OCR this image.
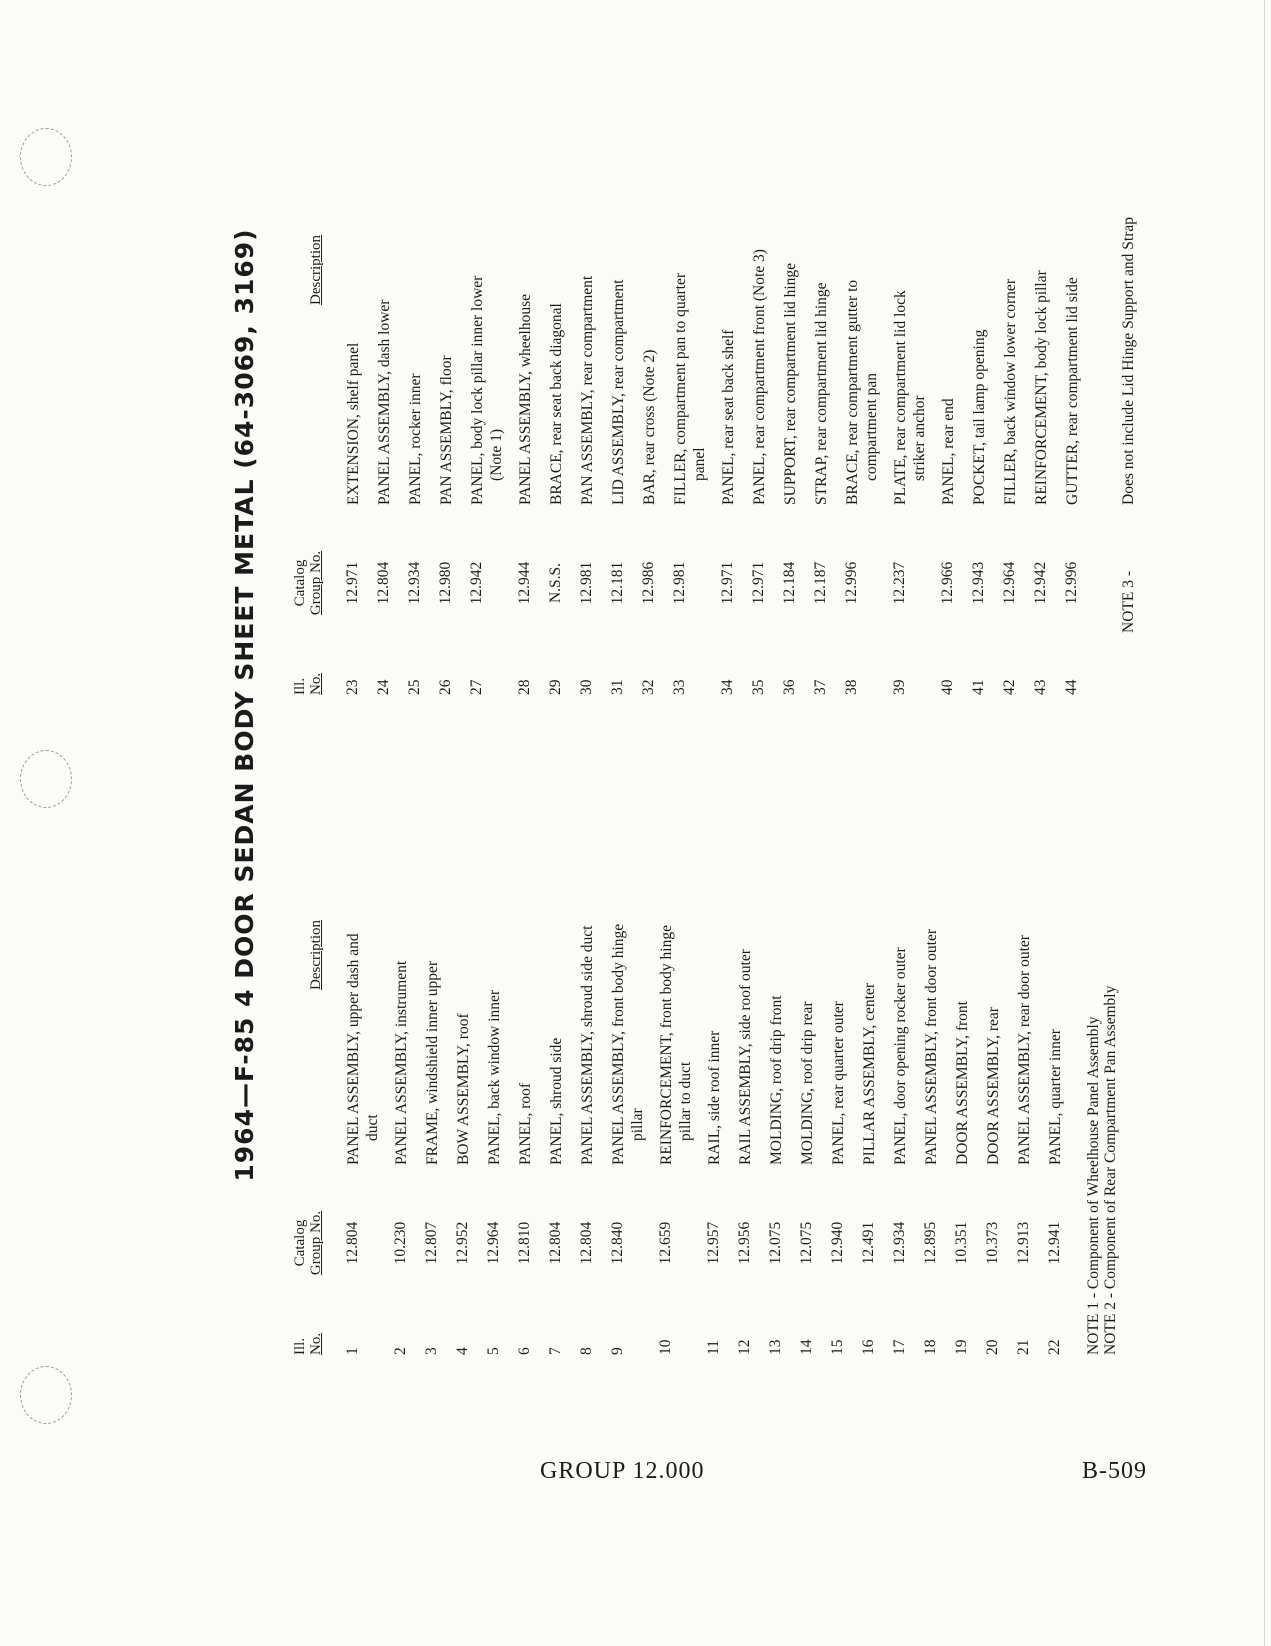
1964—F-85 4 DOOR SEDAN BODY SHEET METAL (64-3069, 3169)
Ill. No.
Catalog Group No.
Description
1
12.804
PANEL ASSEMBLY, upper dash and duct
2
10.230
PANEL ASSEMBLY, instrument
3
12.807
FRAME, windshield inner upper
4
12.952
BOW ASSEMBLY, roof
5
12.964
PANEL, back window inner
6
12.810
PANEL, roof
7
12.804
PANEL, shroud side
8
12.804
PANEL ASSEMBLY, shroud side duct
9
12.840
PANEL ASSEMBLY, front body hinge pillar
10
12.659
REINFORCEMENT, front body hinge pillar to duct
11
12.957
RAIL, side roof inner
12
12.956
RAIL ASSEMBLY, side roof outer
13
12.075
MOLDING, roof drip front
14
12.075
MOLDING, roof drip rear
15
12.940
PANEL, rear quarter outer
16
12.491
PILLAR ASSEMBLY, center
17
12.934
PANEL, door opening rocker outer
18
12.895
PANEL ASSEMBLY, front door outer
19
10.351
DOOR ASSEMBLY, front
20
10.373
DOOR ASSEMBLY, rear
21
12.913
PANEL ASSEMBLY, rear door outer
22
12.941
PANEL, quarter inner NOTE 1 - Component of Wheelhouse Panel Assembly NOTE 2 - Component of Rear Compartment Pan Assembly
Ill. No.
Catalog Group No.
Description
23
12.971
EXTENSION, shelf panel
24
12.804
PANEL ASSEMBLY, dash lower
25
12.934
PANEL, rocker inner
26
12.980
PAN ASSEMBLY, floor
27
12.942
PANEL, body lock pillar inner lower (Note 1)
28
12.944
PANEL ASSEMBLY, wheelhouse
29
N.S.S.
BRACE, rear seat back diagonal
30
12.981
PAN ASSEMBLY, rear compartment
31
12.181
LID ASSEMBLY, rear compartment
32
12.986
BAR, rear cross (Note 2)
33
12.981
FILLER, compartment pan to quarter panel
34
12.971
PANEL, rear seat back shelf
35
12.971
PANEL, rear compartment front (Note 3)
36
12.184
SUPPORT, rear compartment lid hinge
37
12.187
STRAP, rear compartment lid hinge
38
12.996
BRACE, rear compartment gutter to compartment pan
39
12.237
PLATE, rear compartment lid lock striker anchor
40
12.966
PANEL, rear end
41
12.943
POCKET, tail lamp opening
42
12.964
FILLER, back window lower corner
43
12.942
REINFORCEMENT, body lock pillar
44
12.996
GUTTER, rear compartment lid side
NOTE 3 -
Does not include Lid Hinge Support and Strap
GROUP 12.000	B-509
